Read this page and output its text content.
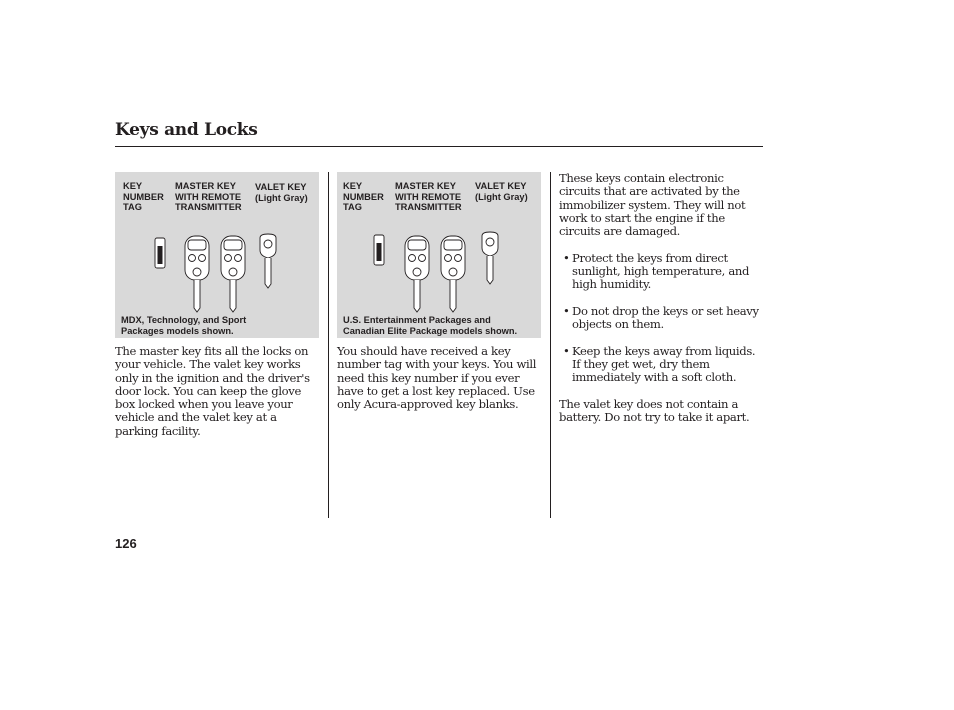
Keys and Locks
KEY
NUMBER
TAG
MASTER KEY
WITH REMOTE
TRANSMITTER
VALET KEY
(Light Gray)
MDX, Technology, and Sport
Packages models shown.
KEY
NUMBER
TAG
MASTER KEY
WITH REMOTE
TRANSMITTER
VALET KEY
(Light Gray)
U.S. Entertainment Packages and
Canadian Elite Package models shown.

The master key fits all the locks on your vehicle. The valet key works only in the ignition and the driver's door lock. You can keep the glove box locked when you leave your vehicle and the valet key at a parking facility.

You should have received a key number tag with your keys. You will need this key number if you ever have to get a lost key replaced. Use only Acura-approved key blanks.

These keys contain electronic circuits that are activated by the immobilizer system. They will not work to start the engine if the circuits are damaged.

• Protect the keys from direct sunlight, high temperature, and high humidity.
• Do not drop the keys or set heavy objects on them.
• Keep the keys away from liquids. If they get wet, dry them immediately with a soft cloth.

The valet key does not contain a battery. Do not try to take it apart.

126
